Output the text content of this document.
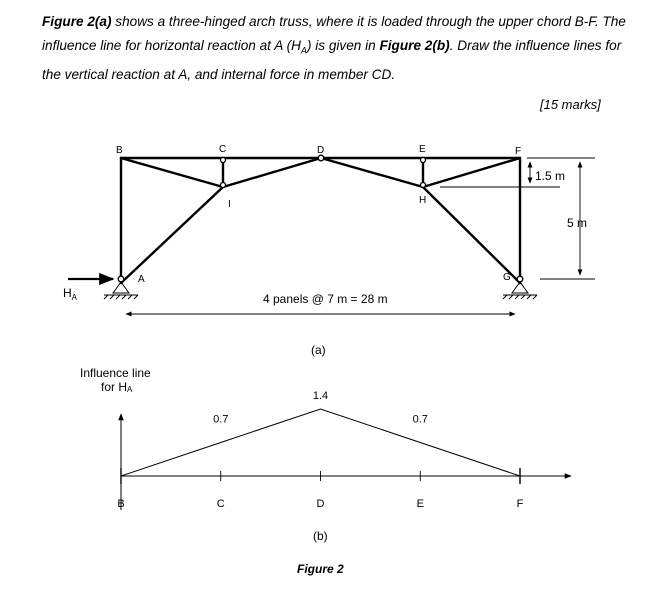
Figure 2(a) shows a three-hinged arch truss, where it is loaded through the upper chord B-F. The influence line for horizontal reaction at A $(H_A)$ is given in Figure 2(b). Draw the influence lines for the vertical reaction at A, and internal force in member CD.
[15 marks]
$H_A$
B	C	D	E	F
I	H
A	G
1.5 m
5 m
4 panels @ 7 m = 28 m
(a)
Influence line
for HA
B	C
0.7
D
1.4
E
0.7
F
(b)
Figure 2
